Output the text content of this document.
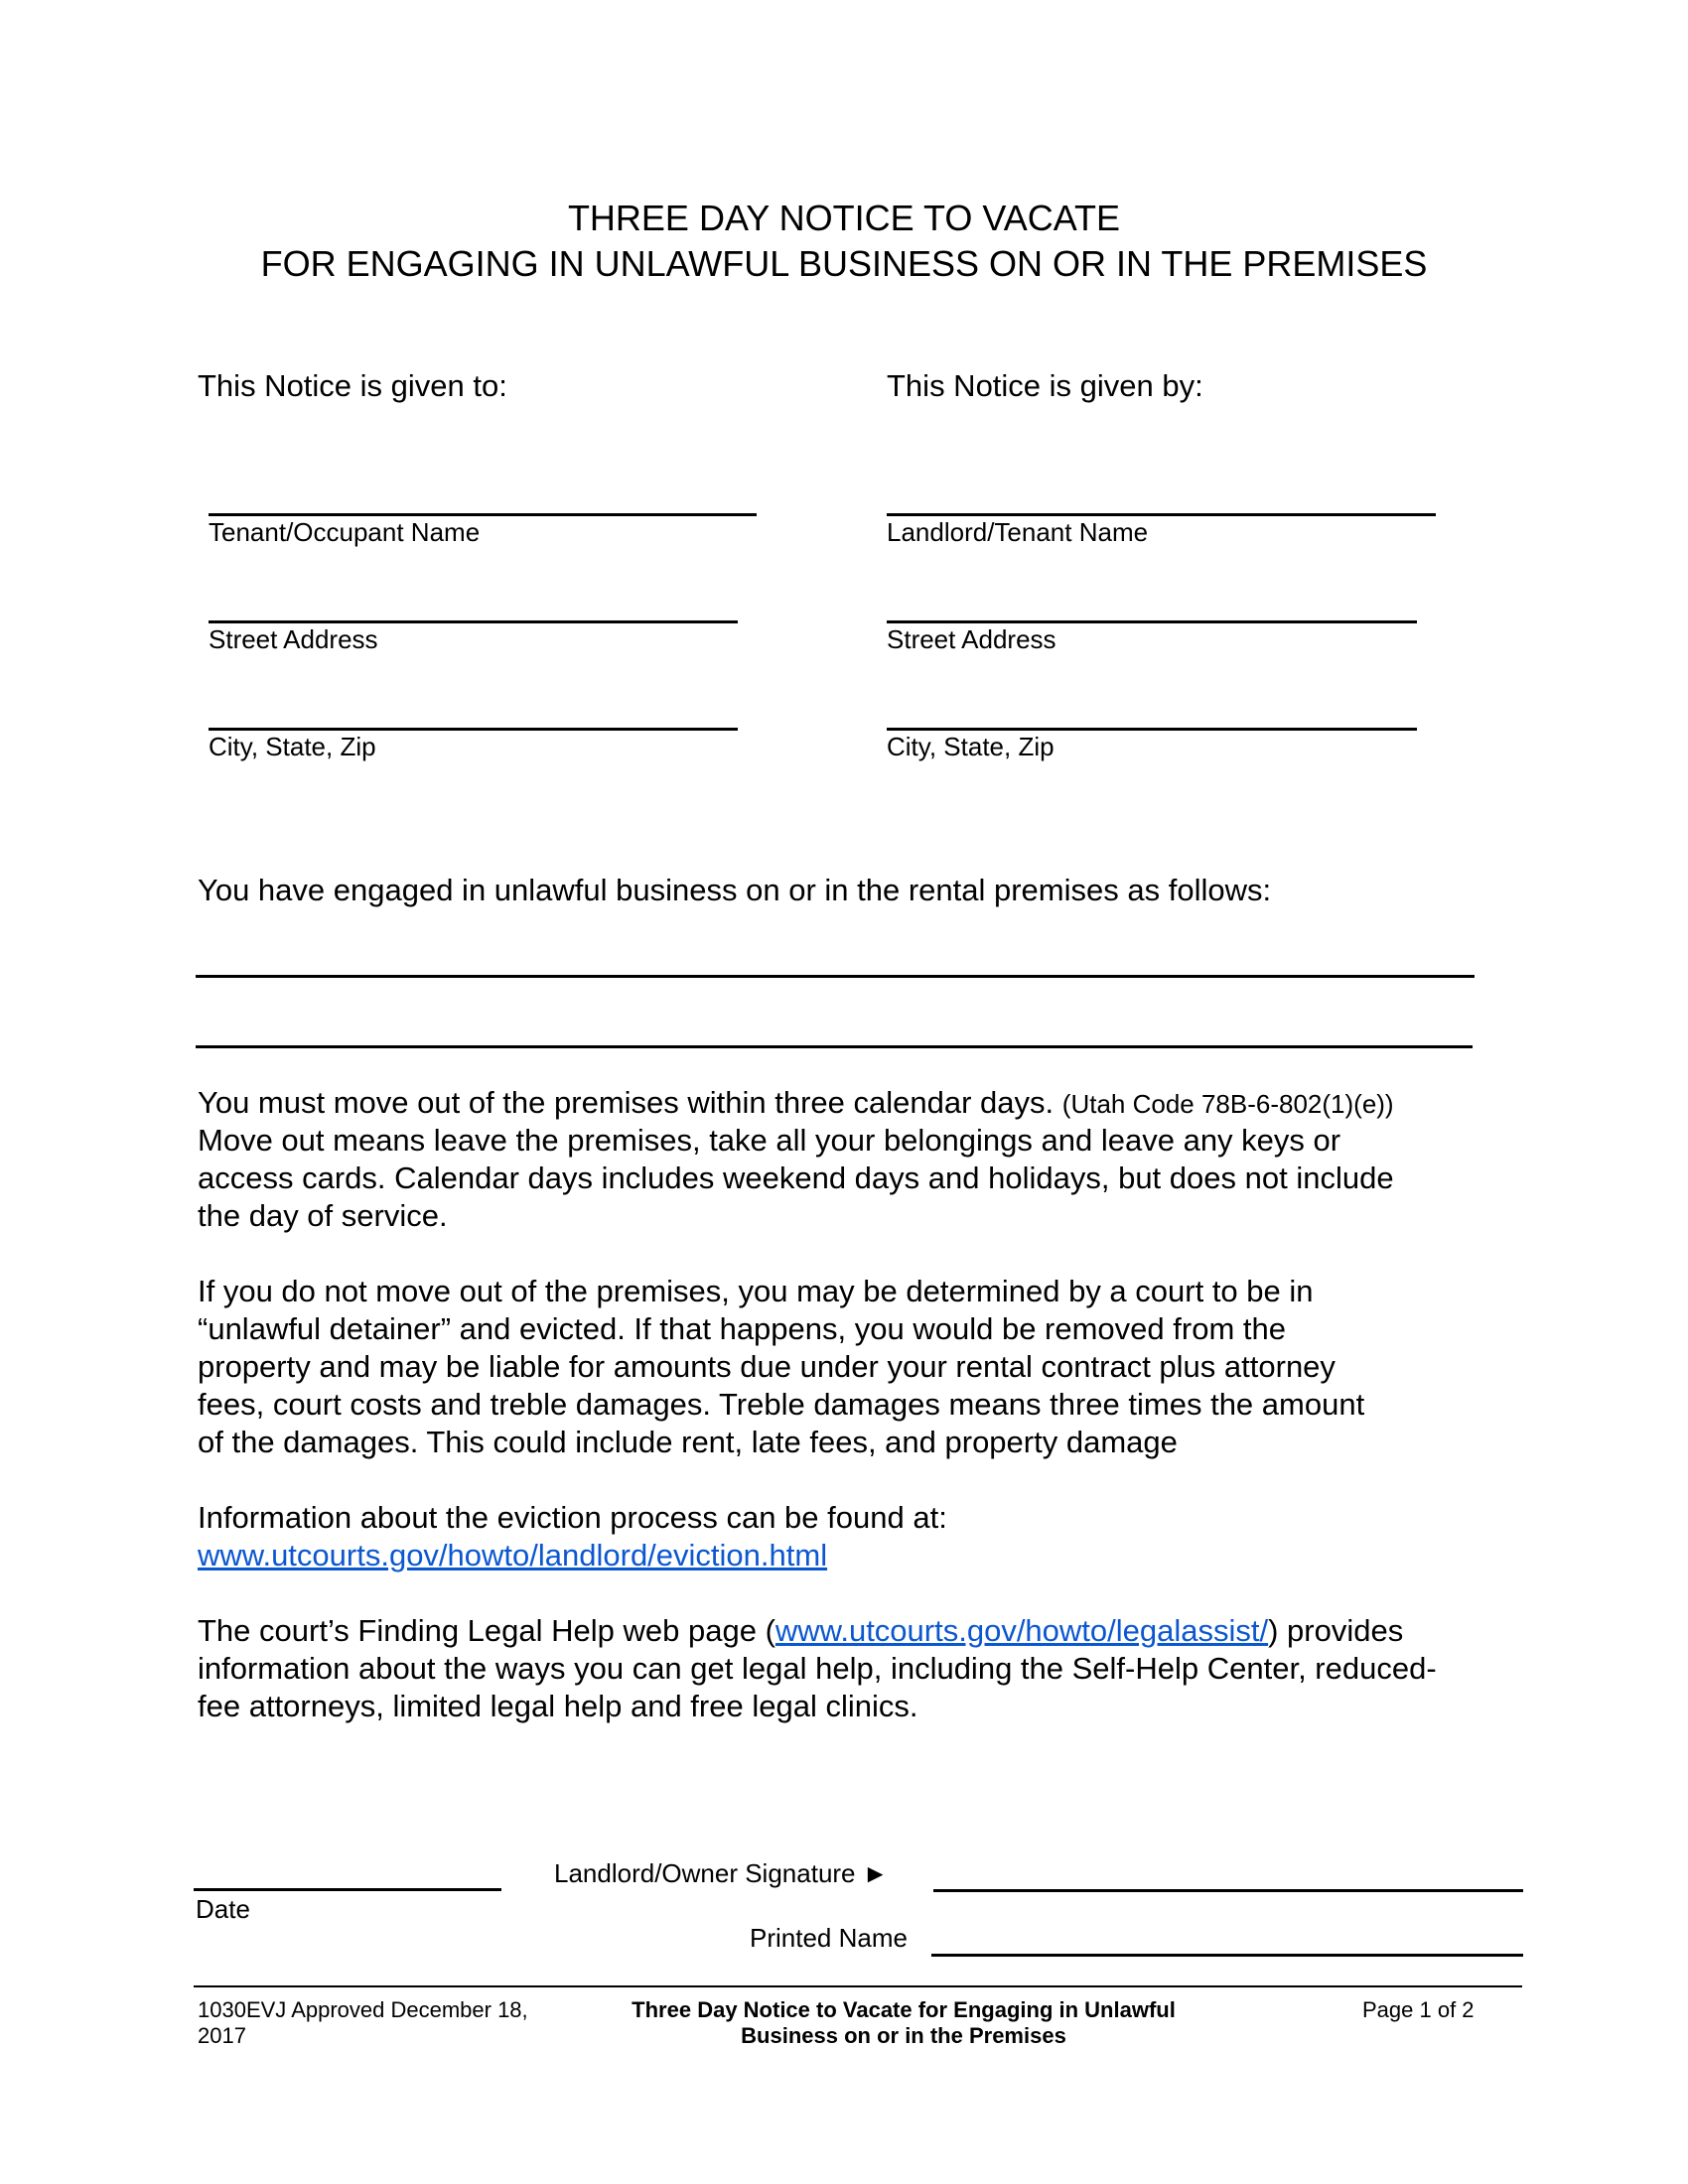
THREE DAY NOTICE TO VACATE
FOR ENGAGING IN UNLAWFUL BUSINESS ON OR IN THE PREMISES
This Notice is given to:	This Notice is given by:
Tenant/Occupant Name
Street Address
City, State, Zip
Landlord/Tenant Name
Street Address
City, State, Zip
You have engaged in unlawful business on or in the rental premises as follows:
You must move out of the premises within three calendar days. (Utah Code 78B-6-802(1)(e))
Move out means leave the premises, take all your belongings and leave any keys or
access cards. Calendar days includes weekend days and holidays, but does not include
the day of service.
If you do not move out of the premises, you may be determined by a court to be in
“unlawful detainer” and evicted. If that happens, you would be removed from the
property and may be liable for amounts due under your rental contract plus attorney
fees, court costs and treble damages. Treble damages means three times the amount
of the damages. This could include rent, late fees, and property damage
Information about the eviction process can be found at:
www.utcourts.gov/howto/landlord/eviction.html
The court’s Finding Legal Help web page (www.utcourts.gov/howto/legalassist/) provides
information about the ways you can get legal help, including the Self-Help Center, reduced-
fee attorneys, limited legal help and free legal clinics.
Date
Landlord/Owner Signature ►
Printed Name
1030EVJ Approved December 18,
2017
Three Day Notice to Vacate for Engaging in Unlawful
Business on or in the Premises
Page 1 of 2
